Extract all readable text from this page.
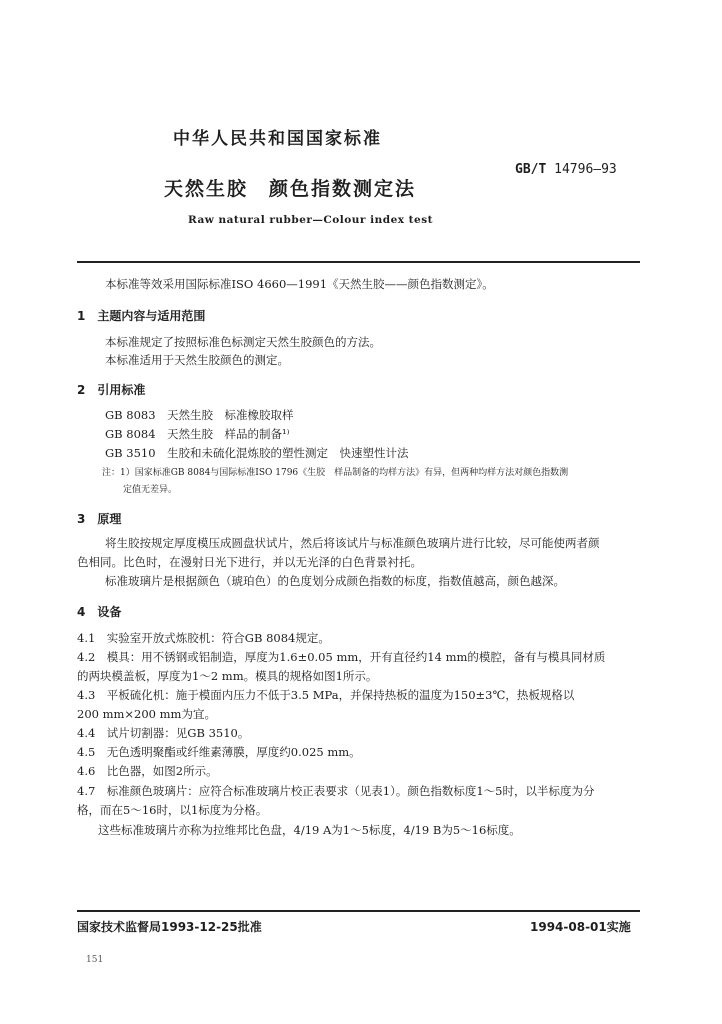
中华人民共和国国家标准
GB/T 14796—93
天然生胶　颜色指数测定法
Raw natural rubber—Colour index test
本标准等效采用国际标准ISO 4660—1991《天然生胶——颜色指数测定》。
1　主题内容与适用范围
本标准规定了按照标准色标测定天然生胶颜色的方法。
本标准适用于天然生胶颜色的测定。
2　引用标准
GB 8083　天然生胶　标准橡胶取样
GB 8084　天然生胶　样品的制备¹⁾
GB 3510　生胶和未硫化混炼胶的塑性测定　快速塑性计法
注：1）国家标准GB 8084与国际标准ISO 1796《生胶　样品制备的均样方法》有异，但两种均样方法对颜色指数测
定值无差异。
3　原理
将生胶按规定厚度模压成圆盘状试片，然后将该试片与标准颜色玻璃片进行比较，尽可能使两者颜
色相同。比色时，在漫射日光下进行，并以无光泽的白色背景衬托。
标准玻璃片是根据颜色（琥珀色）的色度划分成颜色指数的标度，指数值越高，颜色越深。
4　设备
4.1　实验室开放式炼胶机：符合GB 8084规定。
4.2　模具：用不锈钢或铝制造，厚度为1.6±0.05 mm，开有直径约14 mm的模腔，备有与模具同材质
的两块模盖板，厚度为1～2 mm。模具的规格如图1所示。
4.3　平板硫化机：施于模面内压力不低于3.5 MPa，并保持热板的温度为150±3℃，热板规格以
200 mm×200 mm为宜。
4.4　试片切割器：见GB 3510。
4.5　无色透明聚酯或纤维素薄膜，厚度约0.025 mm。
4.6　比色器，如图2所示。
4.7　标准颜色玻璃片：应符合标准玻璃片校正表要求（见表1）。颜色指数标度1～5时，以半标度为分
格，而在5～16时，以1标度为分格。
这些标准玻璃片亦称为拉维邦比色盘，4/19 A为1～5标度，4/19 B为5～16标度。
国家技术监督局1993-12-25批准	1994-08-01实施
151
